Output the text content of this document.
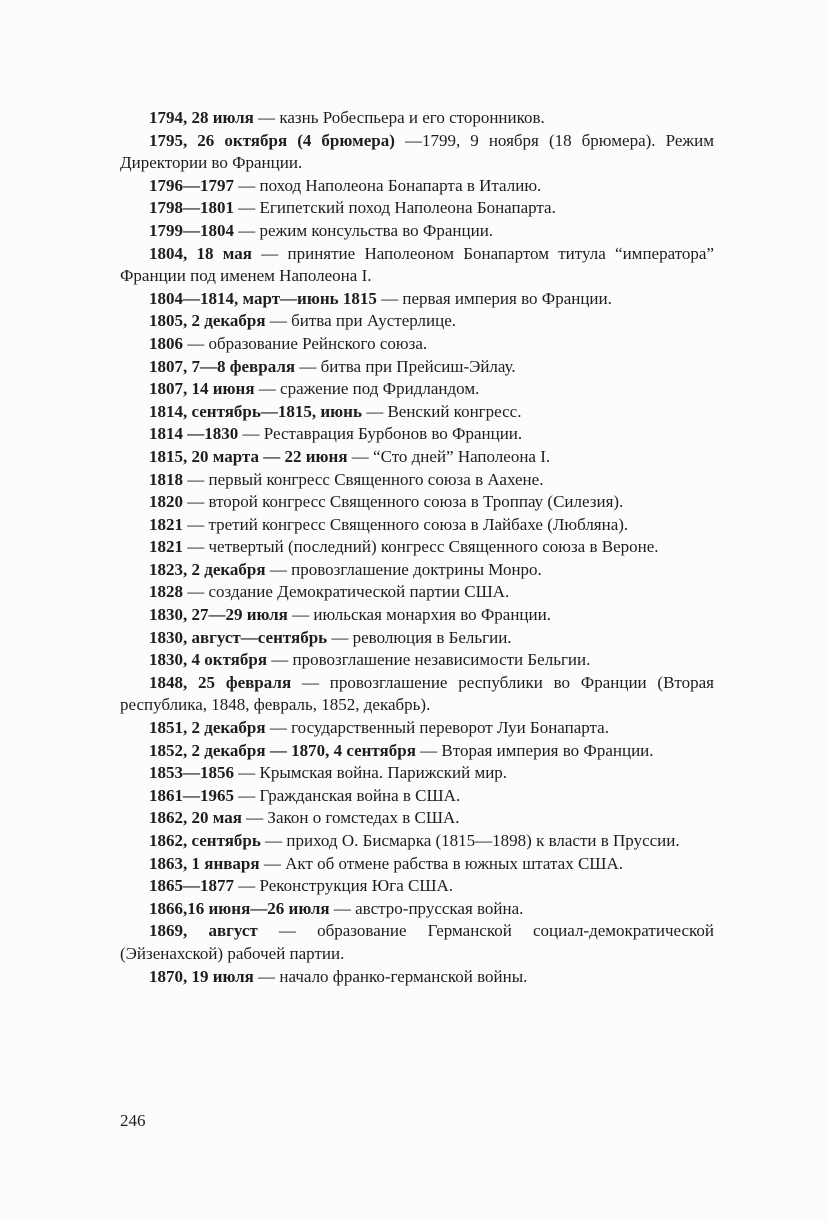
1794, 28 июля — казнь Робеспьера и его сторонников.

1795, 26 октября (4 брюмера) —1799, 9 ноября (18 брюмера). Режим Директории во Франции.

1796—1797 — поход Наполеона Бонапарта в Италию.

1798—1801 — Египетский поход Наполеона Бонапарта.

1799—1804 — режим консульства во Франции.

1804, 18 мая — принятие Наполеоном Бонапартом титула “императора” Франции под именем Наполеона I.

1804—1814, март—июнь 1815 — первая империя во Франции.

1805, 2 декабря — битва при Аустерлице.

1806 — образование Рейнского союза.

1807, 7—8 февраля — битва при Прейсиш-Эйлау.

1807, 14 июня — сражение под Фридландом.

1814, сентябрь—1815, июнь — Венский конгресс.

1814 —1830 — Реставрация Бурбонов во Франции.

1815, 20 марта — 22 июня — “Сто дней” Наполеона I.

1818 — первый конгресс Священного союза в Аахене.

1820 — второй конгресс Священного союза в Троппау (Силезия).

1821 — третий конгресс Священного союза в Лайбахе (Любляна).

1821 — четвертый (последний) конгресс Священного союза в Вероне.

1823, 2 декабря — провозглашение доктрины Монро.

1828 — создание Демократической партии США.

1830, 27—29 июля — июльская монархия во Франции.

1830, август—сентябрь — революция в Бельгии.

1830, 4 октября — провозглашение независимости Бельгии.

1848, 25 февраля — провозглашение республики во Франции (Вторая республика, 1848, февраль, 1852, декабрь).

1851, 2 декабря — государственный переворот Луи Бонапарта.

1852, 2 декабря — 1870, 4 сентября — Вторая империя во Франции.

1853—1856 — Крымская война. Парижский мир.

1861—1965 — Гражданская война в США.

1862, 20 мая — Закон о гомстедах в США.

1862, сентябрь — приход О. Бисмарка (1815—1898) к власти в Пруссии.

1863, 1 января — Акт об отмене рабства в южных штатах США.

1865—1877 — Реконструкция Юга США.

1866,16 июня—26 июля — австро-прусская война.

1869, август — образование Германской социал-демократической (Эйзенахской) рабочей партии.

1870, 19 июля — начало франко-германской войны.

246
